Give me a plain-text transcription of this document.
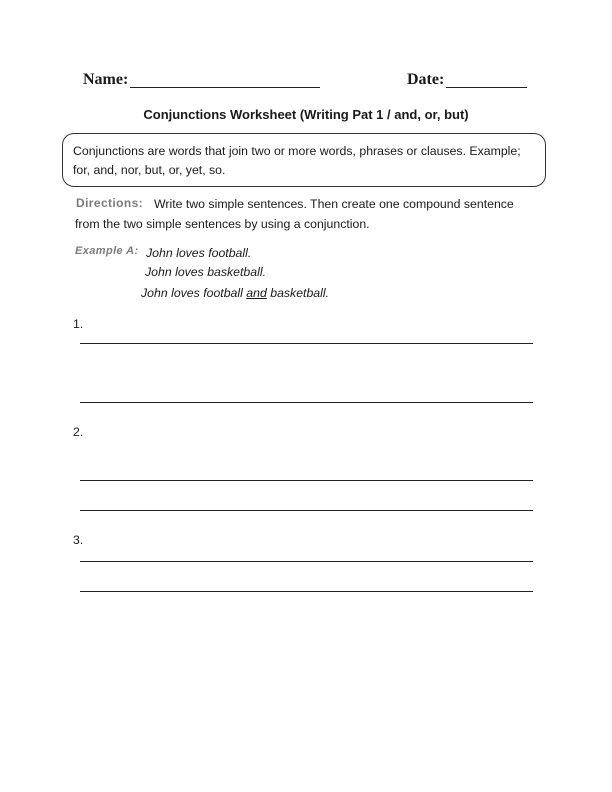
Name:	Date:
Conjunctions Worksheet (Writing Pat 1 / and, or, but)
Conjunctions are words that join two or more words, phrases or clauses. Example;
for, and, nor, but, or, yet, so.
Directions: Write two simple sentences. Then create one compound sentence
from the two simple sentences by using a conjunction.
Example A: John loves football.
John loves basketball.
John loves football and basketball.
1.
2.
3.
